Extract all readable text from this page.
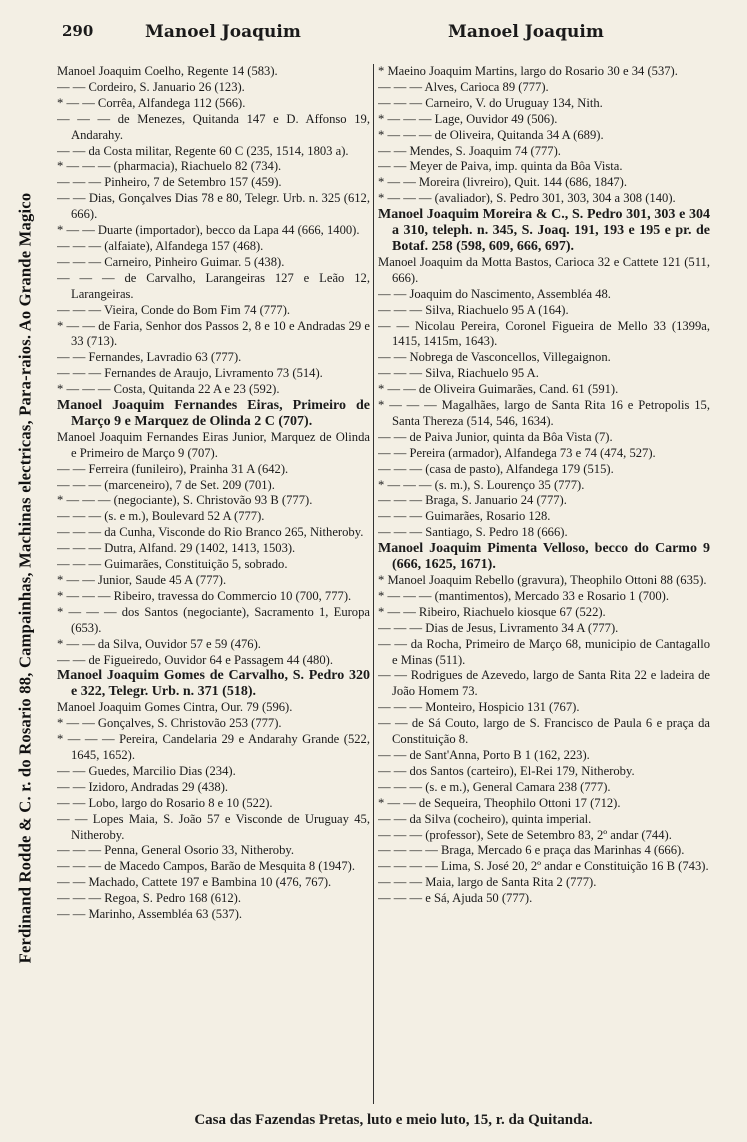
Ferdinand Rodde & C. r. do Rosario 88, Campainhas, Machinas electricas, Para-raios. Ao Grande Magico
290	Manoel Joaquim	Manoel Joaquim
Manoel Joaquim Coelho, Regente 14 (583).
— — Cordeiro, S. Januario 26 (123).
* — — Corrêa, Alfandega 112 (566).
— — — de Menezes, Quitanda 147 e D. Affonso 19, Andarahy.
— — da Costa militar, Regente 60 C (235, 1514, 1803 a).
* — — — (pharmacia), Riachuelo 82 (734).
— — — Pinheiro, 7 de Setembro 157 (459).
— — Dias, Gonçalves Dias 78 e 80, Telegr. Urb. n. 325 (612, 666).
* — — Duarte (importador), becco da Lapa 44 (666, 1400).
— — — (alfaiate), Alfandega 157 (468).
— — — Carneiro, Pinheiro Guimar. 5 (438).
— — — de Carvalho, Larangeiras 127 e Leão 12, Larangeiras.
— — — Vieira, Conde do Bom Fim 74 (777).
* — — de Faria, Senhor dos Passos 2, 8 e 10 e Andradas 29 e 33 (713).
— — Fernandes, Lavradio 63 (777).
— — — Fernandes de Araujo, Livramento 73 (514).
* — — — Costa, Quitanda 22 A e 23 (592).
Manoel Joaquim Fernandes Eiras, Primeiro de Março 9 e Marquez de Olinda 2 C (707).
Manoel Joaquim Fernandes Eiras Junior, Marquez de Olinda e Primeiro de Março 9 (707).
— — Ferreira (funileiro), Prainha 31 A (642).
— — — (marceneiro), 7 de Set. 209 (701).
* — — — (negociante), S. Christovão 93 B (777).
— — — (s. e m.), Boulevard 52 A (777).
— — — da Cunha, Visconde do Rio Branco 265, Nitheroby.
— — — Dutra, Alfand. 29 (1402, 1413, 1503).
— — — Guimarães, Constituição 5, sobrado.
* — — Junior, Saude 45 A (777).
* — — — Ribeiro, travessa do Commercio 10 (700, 777).
* — — — dos Santos (negociante), Sacramento 1, Europa (653).
* — — da Silva, Ouvidor 57 e 59 (476).
— — de Figueiredo, Ouvidor 64 e Passagem 44 (480).
Manoel Joaquim Gomes de Carvalho, S. Pedro 320 e 322, Telegr. Urb. n. 371 (518).
Manoel Joaquim Gomes Cintra, Our. 79 (596).
* — — Gonçalves, S. Christovão 253 (777).
* — — — Pereira, Candelaria 29 e Andarahy Grande (522, 1645, 1652).
— — Guedes, Marcilio Dias (234).
— — Izidoro, Andradas 29 (438).
— — Lobo, largo do Rosario 8 e 10 (522).
— — Lopes Maia, S. João 57 e Visconde de Uruguay 45, Nitheroby.
— — — Penna, General Osorio 33, Nitheroby.
— — — de Macedo Campos, Barão de Mesquita 8 (1947).
— — Machado, Cattete 197 e Bambina 10 (476, 767).
— — — Regoa, S. Pedro 168 (612).
— — Marinho, Assembléa 63 (537).
* Maeino Joaquim Martins, largo do Rosario 30 e 34 (537).
— — — Alves, Carioca 89 (777).
— — — Carneiro, V. do Uruguay 134, Nith.
* — — — Lage, Ouvidor 49 (506).
* — — — de Oliveira, Quitanda 34 A (689).
— — Mendes, S. Joaquim 74 (777).
— — Meyer de Paiva, imp. quinta da Bôa Vista.
* — — Moreira (livreiro), Quit. 144 (686, 1847).
* — — — (avaliador), S. Pedro 301, 303, 304 a 308 (140).
Manoel Joaquim Moreira & C., S. Pedro 301, 303 e 304 a 310, teleph. n. 345, S. Joaq. 191, 193 e 195 e pr. de Botaf. 258 (598, 609, 666, 697).
Manoel Joaquim da Motta Bastos, Carioca 32 e Cattete 121 (511, 666).
— — Joaquim do Nascimento, Assembléa 48.
— — — Silva, Riachuelo 95 A (164).
— — Nicolau Pereira, Coronel Figueira de Mello 33 (1399a, 1415, 1415m, 1643).
— — Nobrega de Vasconcellos, Villegaignon.
— — — Silva, Riachuelo 95 A.
* — — de Oliveira Guimarães, Cand. 61 (591).
* — — — Magalhães, largo de Santa Rita 16 e Petropolis 15, Santa Thereza (514, 546, 1634).
— — de Paiva Junior, quinta da Bôa Vista (7).
— — Pereira (armador), Alfandega 73 e 74 (474, 527).
— — — (casa de pasto), Alfandega 179 (515).
* — — — (s. m.), S. Lourenço 35 (777).
— — — Braga, S. Januario 24 (777).
— — — Guimarães, Rosario 128.
— — — Santiago, S. Pedro 18 (666).
Manoel Joaquim Pimenta Velloso, becco do Carmo 9 (666, 1625, 1671).
* Manoel Joaquim Rebello (gravura), Theophilo Ottoni 88 (635).
* — — — (mantimentos), Mercado 33 e Rosario 1 (700).
* — — Ribeiro, Riachuelo kiosque 67 (522).
— — — Dias de Jesus, Livramento 34 A (777).
— — da Rocha, Primeiro de Março 68, municipio de Cantagallo e Minas (511).
— — Rodrigues de Azevedo, largo de Santa Rita 22 e ladeira de João Homem 73.
— — — Monteiro, Hospicio 131 (767).
— — de Sá Couto, largo de S. Francisco de Paula 6 e praça da Constituição 8.
— — de Sant'Anna, Porto B 1 (162, 223).
— — dos Santos (carteiro), El-Rei 179, Nitheroby.
— — — (s. e m.), General Camara 238 (777).
* — — de Sequeira, Theophilo Ottoni 17 (712).
— — da Silva (cocheiro), quinta imperial.
— — — (professor), Sete de Setembro 83, 2º andar (744).
— — — — Braga, Mercado 6 e praça das Marinhas 4 (666).
— — — — Lima, S. José 20, 2º andar e Constituição 16 B (743).
— — — Maia, largo de Santa Rita 2 (777).
— — — e Sá, Ajuda 50 (777).
Casa das Fazendas Pretas, luto e meio luto, 15, r. da Quitanda.
